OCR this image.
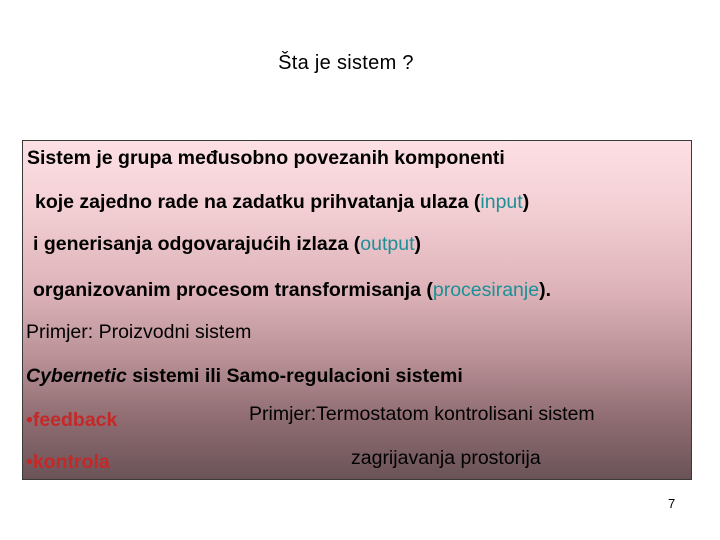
Šta je sistem ?
Sistem je grupa međusobno povezanih komponenti
koje zajedno rade na zadatku prihvatanja ulaza (input)
i generisanja odgovarajućih izlaza (output)
organizovanim procesom transformisanja (procesiranje).
Primjer: Proizvodni sistem
Cybernetic sistemi ili Samo-regulacioni sistemi
•feedback
•kontrola
Primjer:Termostatom kontrolisani sistem
zagrijavanja prostorija
7
